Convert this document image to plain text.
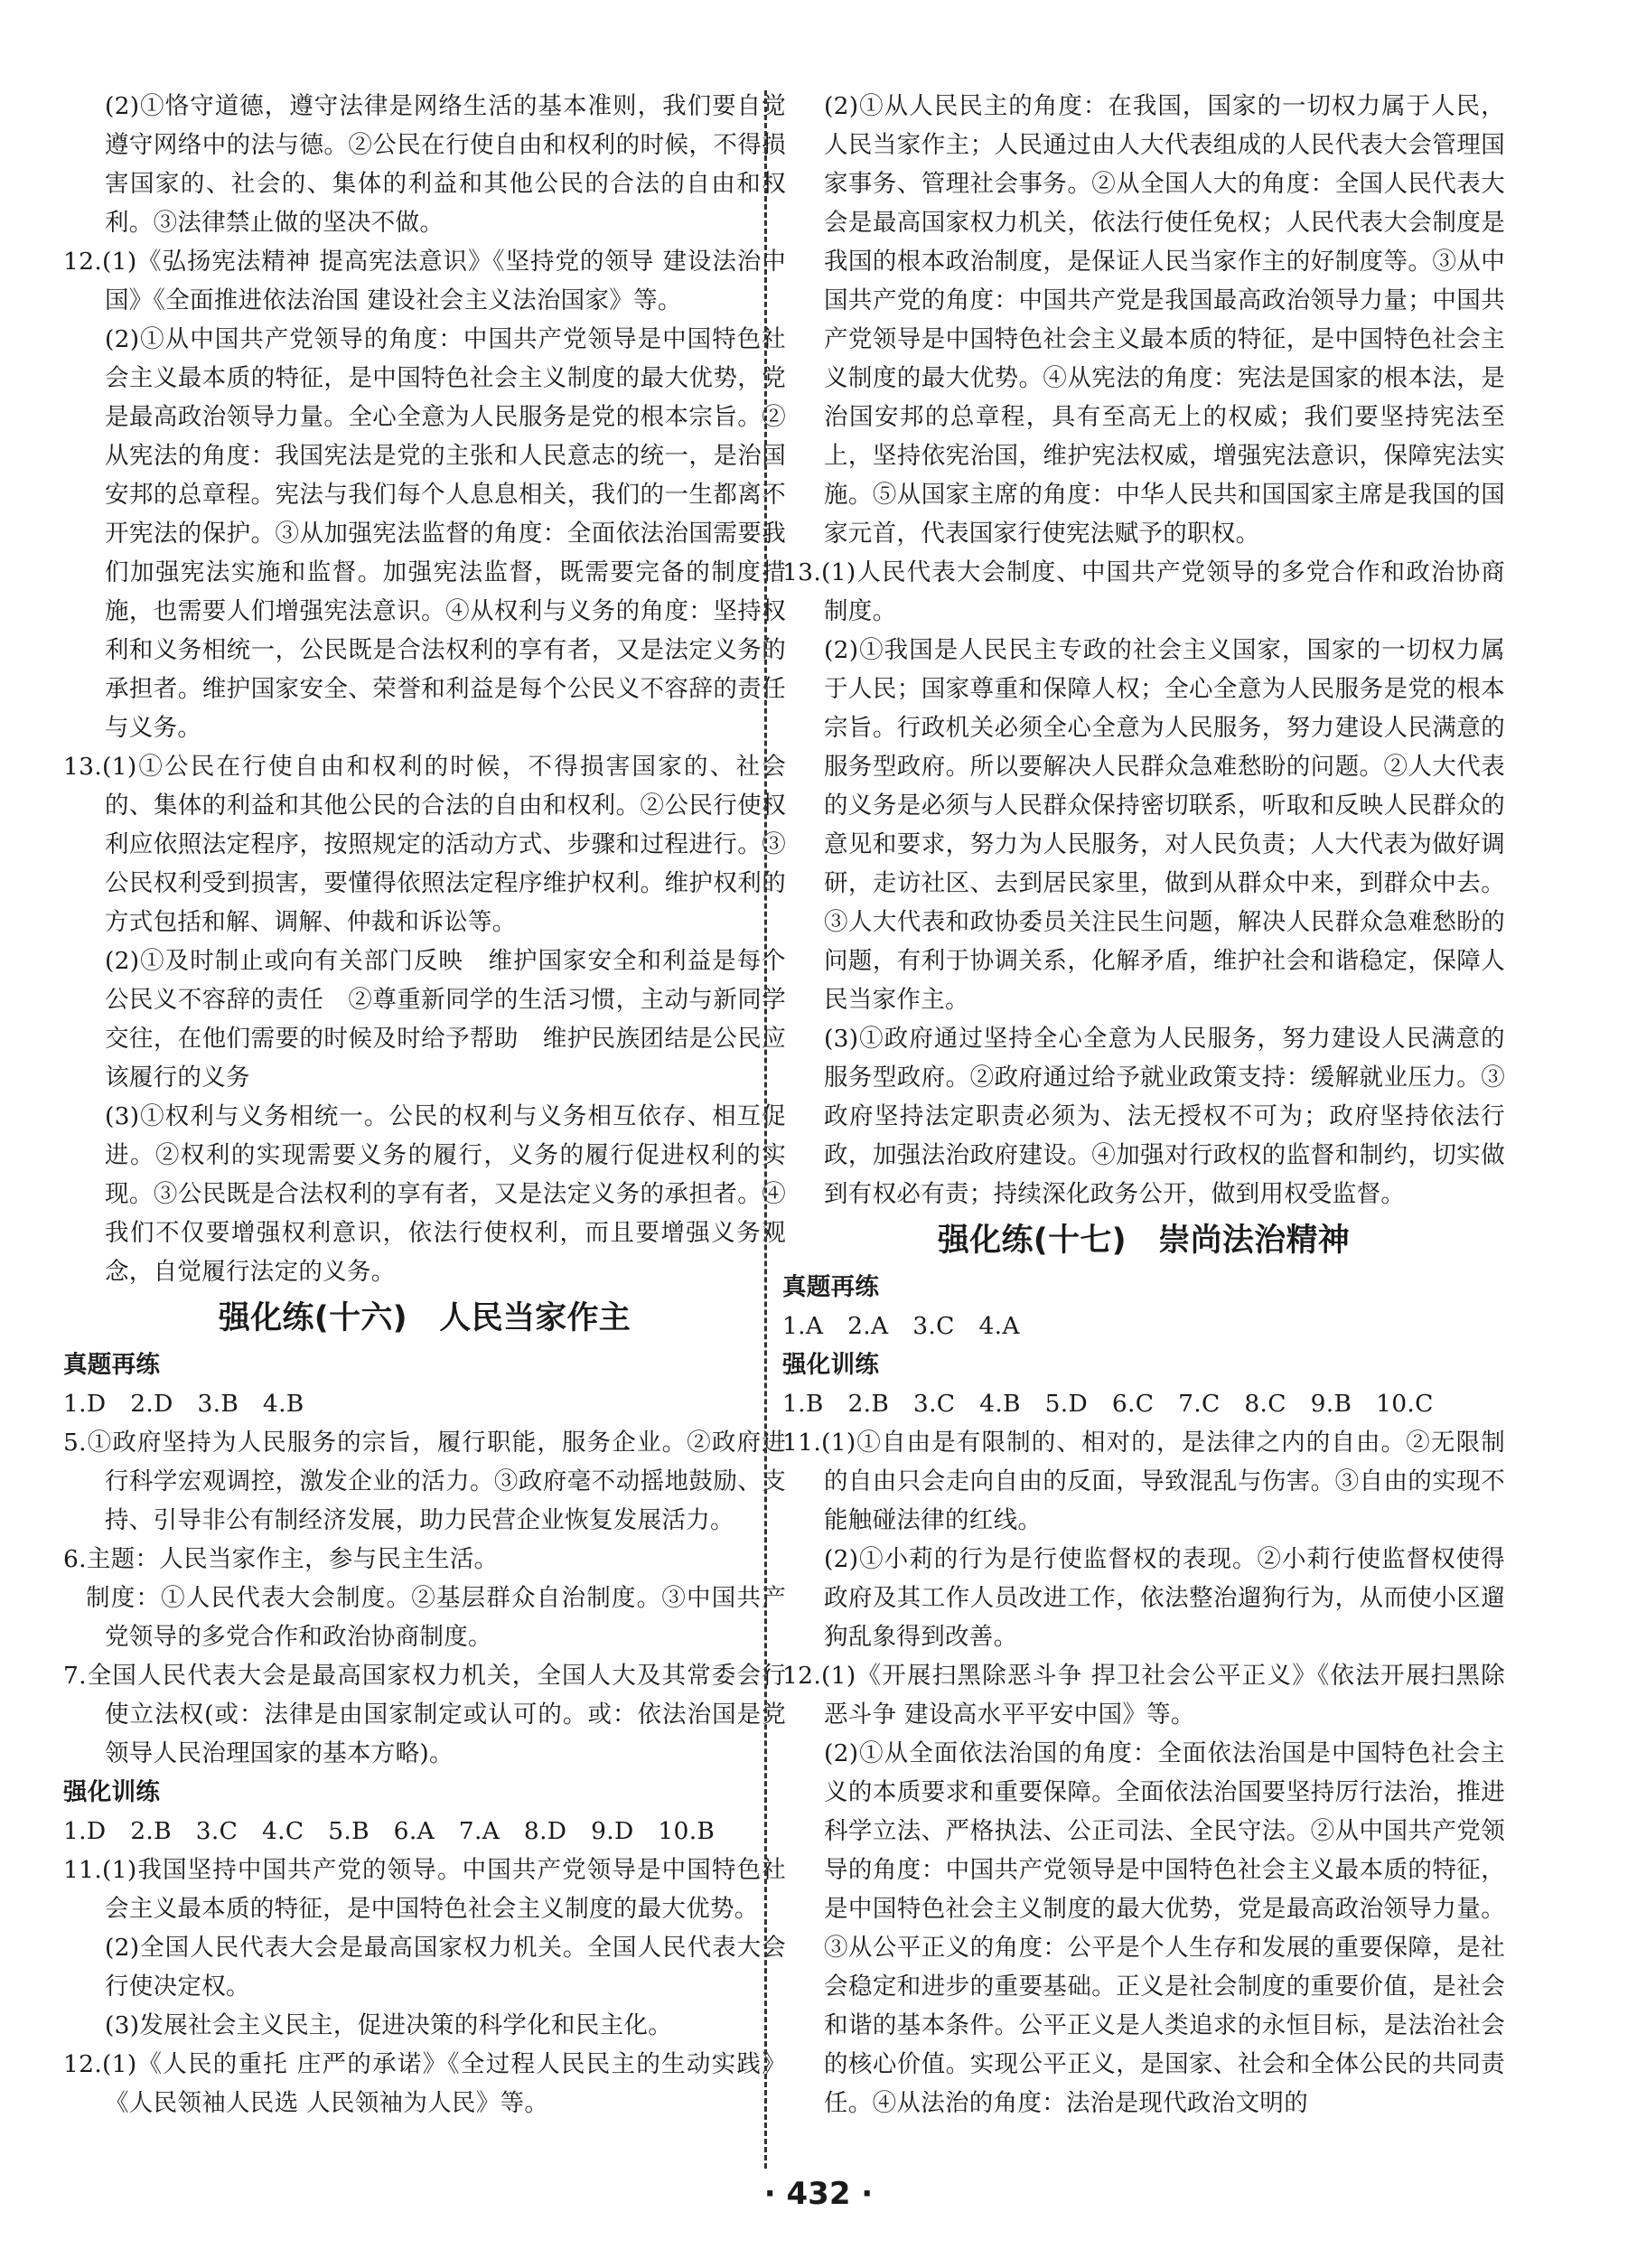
(2)①恪守道德，遵守法律是网络生活的基本准则，我们要自觉遵守网络中的法与德。②公民在行使自由和权利的时候，不得损害国家的、社会的、集体的利益和其他公民的合法的自由和权利。③法律禁止做的坚决不做。

12.(1)《弘扬宪法精神 提高宪法意识》《坚持党的领导 建设法治中国》《全面推进依法治国 建设社会主义法治国家》等。

(2)①从中国共产党领导的角度：中国共产党领导是中国特色社会主义最本质的特征，是中国特色社会主义制度的最大优势，党是最高政治领导力量。全心全意为人民服务是党的根本宗旨。②从宪法的角度：我国宪法是党的主张和人民意志的统一，是治国安邦的总章程。宪法与我们每个人息息相关，我们的一生都离不开宪法的保护。③从加强宪法监督的角度：全面依法治国需要我们加强宪法实施和监督。加强宪法监督，既需要完备的制度措施，也需要人们增强宪法意识。④从权利与义务的角度：坚持权利和义务相统一，公民既是合法权利的享有者，又是法定义务的承担者。维护国家安全、荣誉和利益是每个公民义不容辞的责任与义务。

13.(1)①公民在行使自由和权利的时候，不得损害国家的、社会的、集体的利益和其他公民的合法的自由和权利。②公民行使权利应依照法定程序，按照规定的活动方式、步骤和过程进行。③公民权利受到损害，要懂得依照法定程序维护权利。维护权利的方式包括和解、调解、仲裁和诉讼等。

(2)①及时制止或向有关部门反映　维护国家安全和利益是每个公民义不容辞的责任　②尊重新同学的生活习惯，主动与新同学交往，在他们需要的时候及时给予帮助　维护民族团结是公民应该履行的义务

(3)①权利与义务相统一。公民的权利与义务相互依存、相互促进。②权利的实现需要义务的履行，义务的履行促进权利的实现。③公民既是合法权利的享有者，又是法定义务的承担者。④我们不仅要增强权利意识，依法行使权利，而且要增强义务观念，自觉履行法定的义务。

强化练(十六)　人民当家作主

真题再练

1.D　2.D　3.B　4.B

5.①政府坚持为人民服务的宗旨，履行职能，服务企业。②政府进行科学宏观调控，激发企业的活力。③政府毫不动摇地鼓励、支持、引导非公有制经济发展，助力民营企业恢复发展活力。

6.主题：人民当家作主，参与民主生活。

制度：①人民代表大会制度。②基层群众自治制度。③中国共产党领导的多党合作和政治协商制度。

7.全国人民代表大会是最高国家权力机关，全国人大及其常委会行使立法权(或：法律是由国家制定或认可的。或：依法治国是党领导人民治理国家的基本方略)。

强化训练

1.D　2.B　3.C　4.C　5.B　6.A　7.A　8.D　9.D　10.B

11.(1)我国坚持中国共产党的领导。中国共产党领导是中国特色社会主义最本质的特征，是中国特色社会主义制度的最大优势。

(2)全国人民代表大会是最高国家权力机关。全国人民代表大会行使决定权。

(3)发展社会主义民主，促进决策的科学化和民主化。

12.(1)《人民的重托 庄严的承诺》《全过程人民民主的生动实践》《人民领袖人民选 人民领袖为人民》等。

(2)①从人民民主的角度：在我国，国家的一切权力属于人民，人民当家作主；人民通过由人大代表组成的人民代表大会管理国家事务、管理社会事务。②从全国人大的角度：全国人民代表大会是最高国家权力机关，依法行使任免权；人民代表大会制度是我国的根本政治制度，是保证人民当家作主的好制度等。③从中国共产党的角度：中国共产党是我国最高政治领导力量；中国共产党领导是中国特色社会主义最本质的特征，是中国特色社会主义制度的最大优势。④从宪法的角度：宪法是国家的根本法，是治国安邦的总章程，具有至高无上的权威；我们要坚持宪法至上，坚持依宪治国，维护宪法权威，增强宪法意识，保障宪法实施。⑤从国家主席的角度：中华人民共和国国家主席是我国的国家元首，代表国家行使宪法赋予的职权。

13.(1)人民代表大会制度、中国共产党领导的多党合作和政治协商制度。

(2)①我国是人民民主专政的社会主义国家，国家的一切权力属于人民；国家尊重和保障人权；全心全意为人民服务是党的根本宗旨。行政机关必须全心全意为人民服务，努力建设人民满意的服务型政府。所以要解决人民群众急难愁盼的问题。②人大代表的义务是必须与人民群众保持密切联系，听取和反映人民群众的意见和要求，努力为人民服务，对人民负责；人大代表为做好调研，走访社区、去到居民家里，做到从群众中来，到群众中去。③人大代表和政协委员关注民生问题，解决人民群众急难愁盼的问题，有利于协调关系，化解矛盾，维护社会和谐稳定，保障人民当家作主。

(3)①政府通过坚持全心全意为人民服务，努力建设人民满意的服务型政府。②政府通过给予就业政策支持：缓解就业压力。③政府坚持法定职责必须为、法无授权不可为；政府坚持依法行政，加强法治政府建设。④加强对行政权的监督和制约，切实做到有权必有责；持续深化政务公开，做到用权受监督。

强化练(十七)　崇尚法治精神

真题再练

1.A　2.A　3.C　4.A

强化训练

1.B　2.B　3.C　4.B　5.D　6.C　7.C　8.C　9.B　10.C

11.(1)①自由是有限制的、相对的，是法律之内的自由。②无限制的自由只会走向自由的反面，导致混乱与伤害。③自由的实现不能触碰法律的红线。

(2)①小莉的行为是行使监督权的表现。②小莉行使监督权使得政府及其工作人员改进工作，依法整治遛狗行为，从而使小区遛狗乱象得到改善。

12.(1)《开展扫黑除恶斗争 捍卫社会公平正义》《依法开展扫黑除恶斗争 建设高水平平安中国》等。

(2)①从全面依法治国的角度：全面依法治国是中国特色社会主义的本质要求和重要保障。全面依法治国要坚持厉行法治，推进科学立法、严格执法、公正司法、全民守法。②从中国共产党领导的角度：中国共产党领导是中国特色社会主义最本质的特征，是中国特色社会主义制度的最大优势，党是最高政治领导力量。③从公平正义的角度：公平是个人生存和发展的重要保障，是社会稳定和进步的重要基础。正义是社会制度的重要价值，是社会和谐的基本条件。公平正义是人类追求的永恒目标，是法治社会的核心价值。实现公平正义，是国家、社会和全体公民的共同责任。④从法治的角度：法治是现代政治文明的

· 432 ·
